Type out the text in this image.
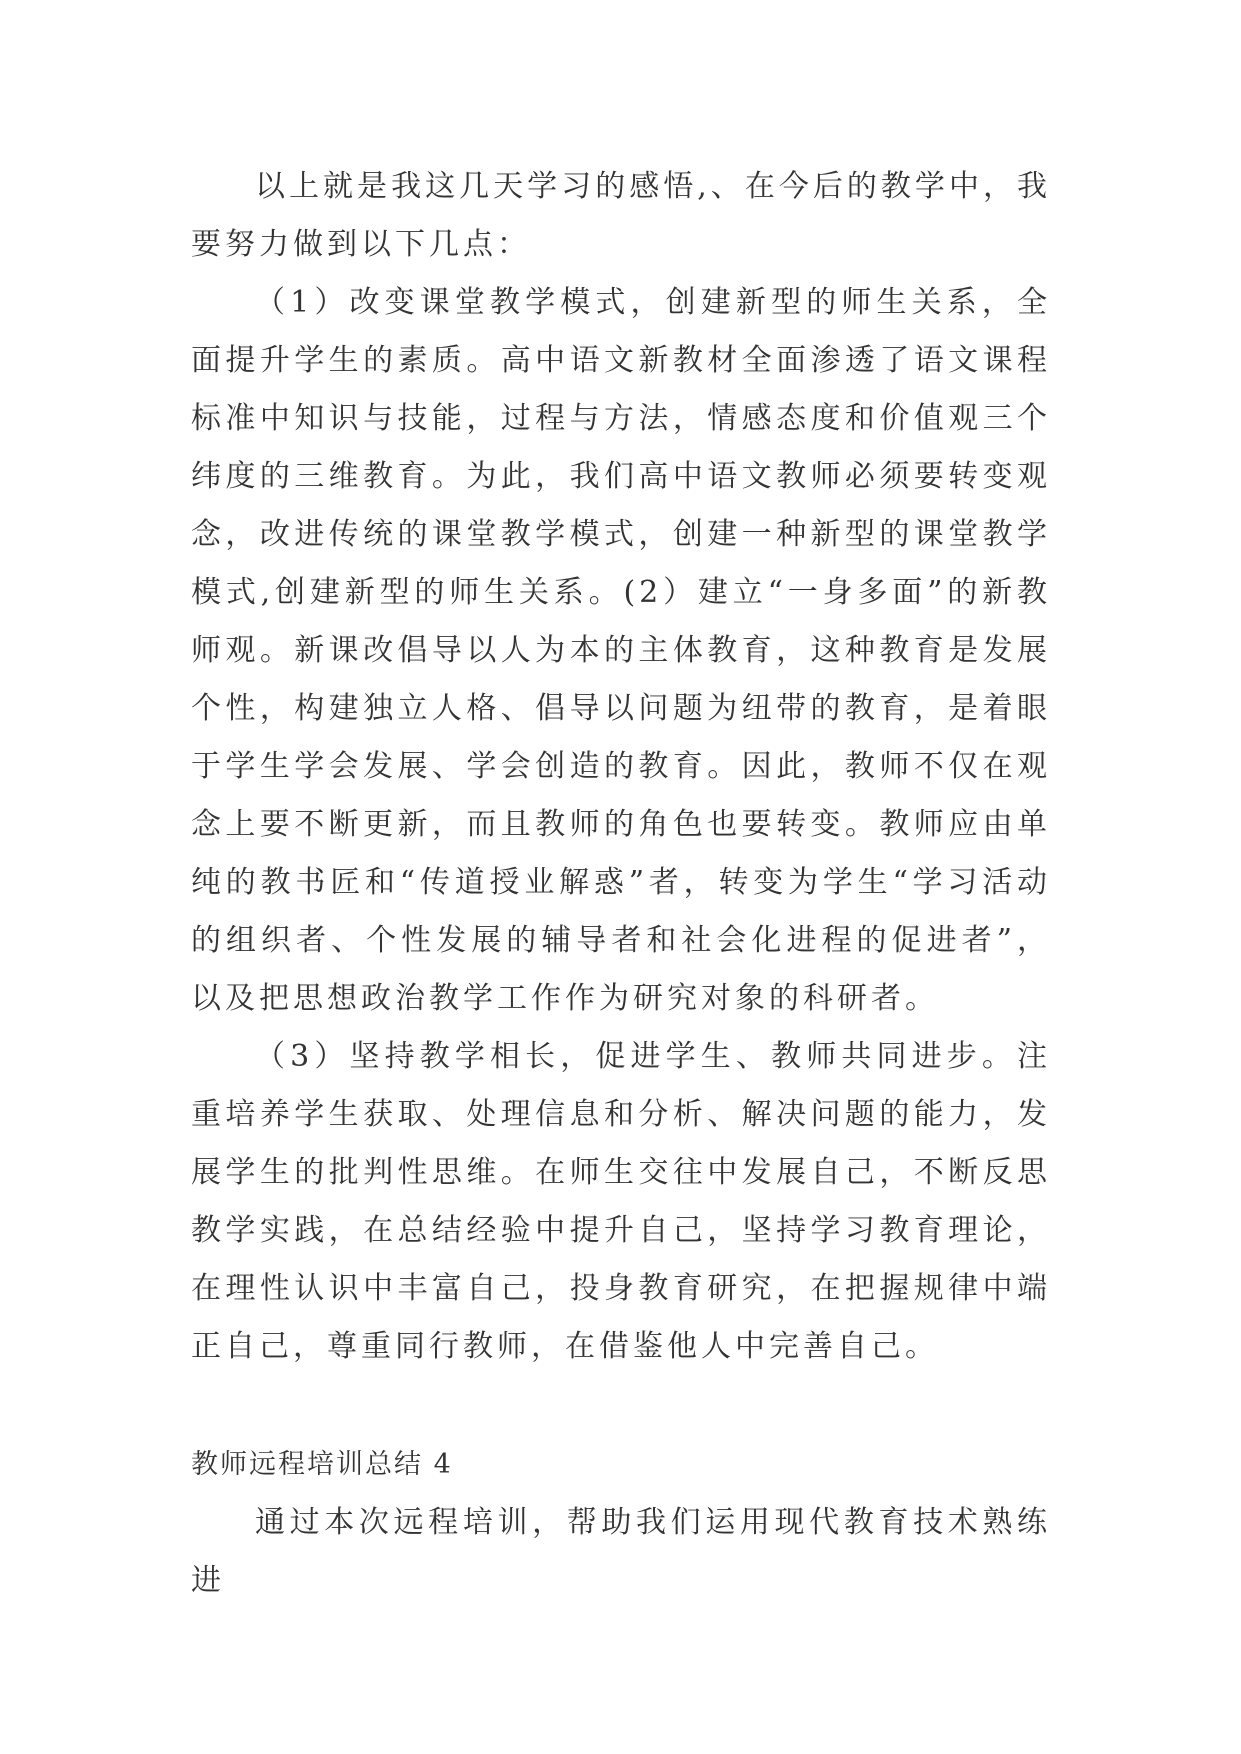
以上就是我这几天学习的感悟,、在今后的教学中，我要努力做到以下几点：

（1）改变课堂教学模式，创建新型的师生关系，全面提升学生的素质。高中语文新教材全面渗透了语文课程标准中知识与技能，过程与方法，情感态度和价值观三个纬度的三维教育。为此，我们高中语文教师必须要转变观念，改进传统的课堂教学模式，创建一种新型的课堂教学模式,创建新型的师生关系。(2）建立“一身多面”的新教师观。新课改倡导以人为本的主体教育，这种教育是发展个性，构建独立人格、倡导以问题为纽带的教育，是着眼于学生学会发展、学会创造的教育。因此，教师不仅在观念上要不断更新，而且教师的角色也要转变。教师应由单纯的教书匠和“传道授业解惑”者，转变为学生“学习活动的组织者、个性发展的辅导者和社会化进程的促进者”，以及把思想政治教学工作作为研究对象的科研者。

（3）坚持教学相长，促进学生、教师共同进步。注重培养学生获取、处理信息和分析、解决问题的能力，发展学生的批判性思维。在师生交往中发展自己，不断反思教学实践，在总结经验中提升自己，坚持学习教育理论，在理性认识中丰富自己，投身教育研究，在把握规律中端正自己，尊重同行教师，在借鉴他人中完善自己。

教师远程培训总结 4

通过本次远程培训，帮助我们运用现代教育技术熟练进
